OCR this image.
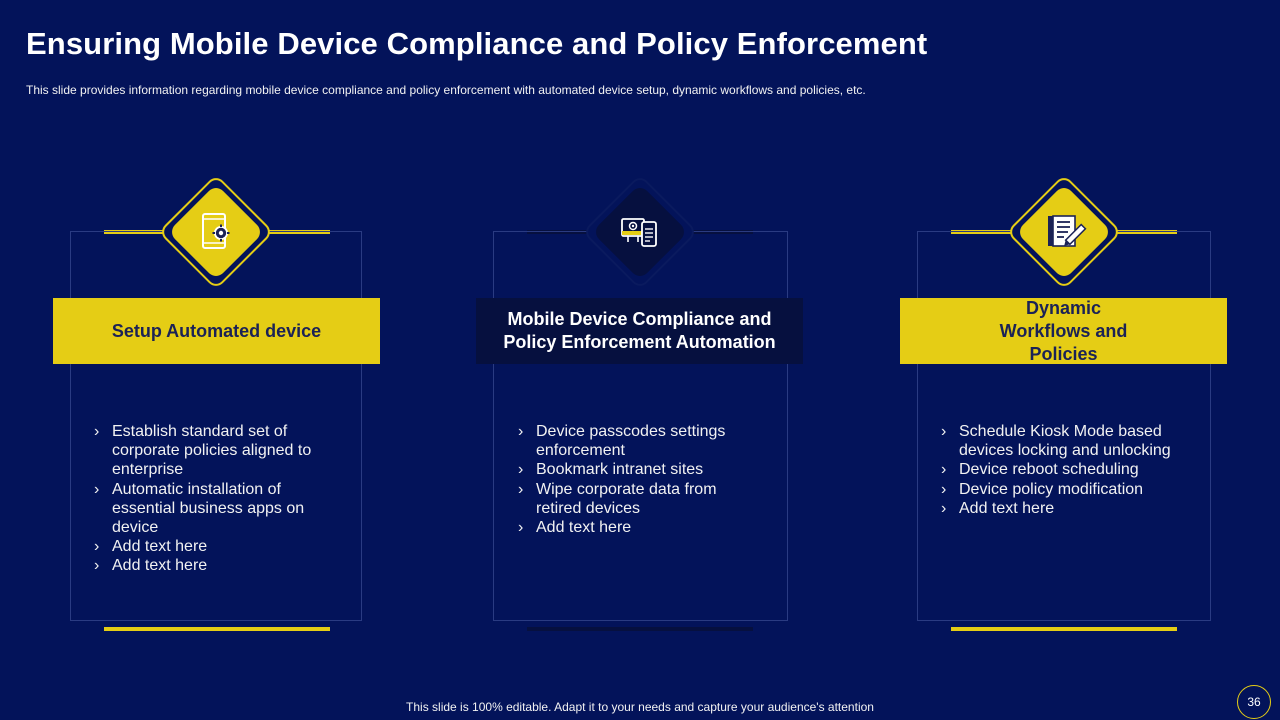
Ensuring Mobile Device Compliance and Policy Enforcement
This slide provides information regarding mobile device compliance and policy enforcement with automated device setup, dynamic workflows and policies, etc.
Setup Automated device
› Establish standard set of corporate policies aligned to enterprise
› Automatic installation of essential business apps on device
› Add text here
› Add text here
Mobile Device Compliance and Policy Enforcement Automation
› Device passcodes settings enforcement
› Bookmark intranet sites
› Wipe corporate data from retired devices
› Add text here
Dynamic Workflows and Policies
› Schedule Kiosk Mode based devices locking and unlocking
› Device reboot scheduling
› Device policy modification
› Add text here
This slide is 100% editable. Adapt it to your needs and capture your audience's attention	36
